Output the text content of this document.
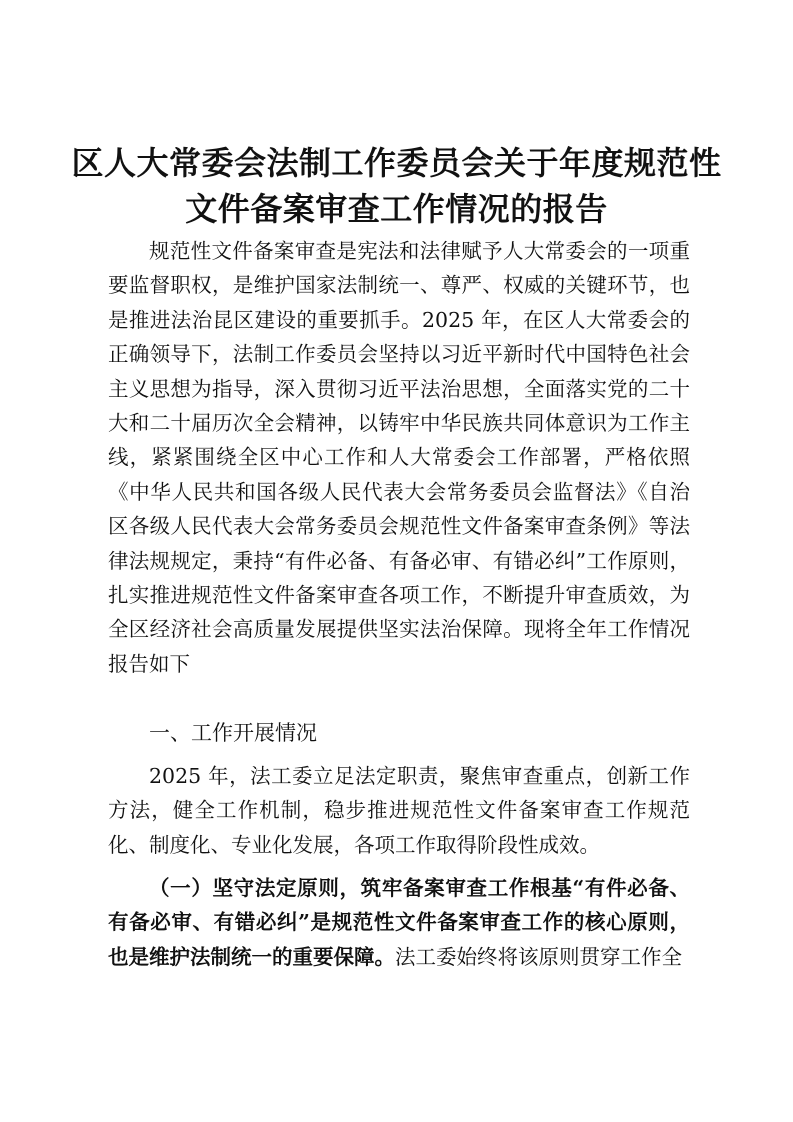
区人大常委会法制工作委员会关于年度规范性文件备案审查工作情况的报告

规范性文件备案审查是宪法和法律赋予人大常委会的一项重要监督职权，是维护国家法制统一、尊严、权威的关键环节，也是推进法治昆区建设的重要抓手。2025 年，在区人大常委会的正确领导下，法制工作委员会坚持以习近平新时代中国特色社会主义思想为指导，深入贯彻习近平法治思想，全面落实党的二十大和二十届历次全会精神，以铸牢中华民族共同体意识为工作主线，紧紧围绕全区中心工作和人大常委会工作部署，严格依照《中华人民共和国各级人民代表大会常务委员会监督法》《自治区各级人民代表大会常务委员会规范性文件备案审查条例》等法律法规规定，秉持“有件必备、有备必审、有错必纠”工作原则，扎实推进规范性文件备案审查各项工作，不断提升审查质效，为全区经济社会高质量发展提供坚实法治保障。现将全年工作情况报告如下

一、工作开展情况

2025 年，法工委立足法定职责，聚焦审查重点，创新工作方法，健全工作机制，稳步推进规范性文件备案审查工作规范化、制度化、专业化发展，各项工作取得阶段性成效。

（一）坚守法定原则，筑牢备案审查工作根基“有件必备、有备必审、有错必纠”是规范性文件备案审查工作的核心原则，也是维护法制统一的重要保障。法工委始终将该原则贯穿工作全
